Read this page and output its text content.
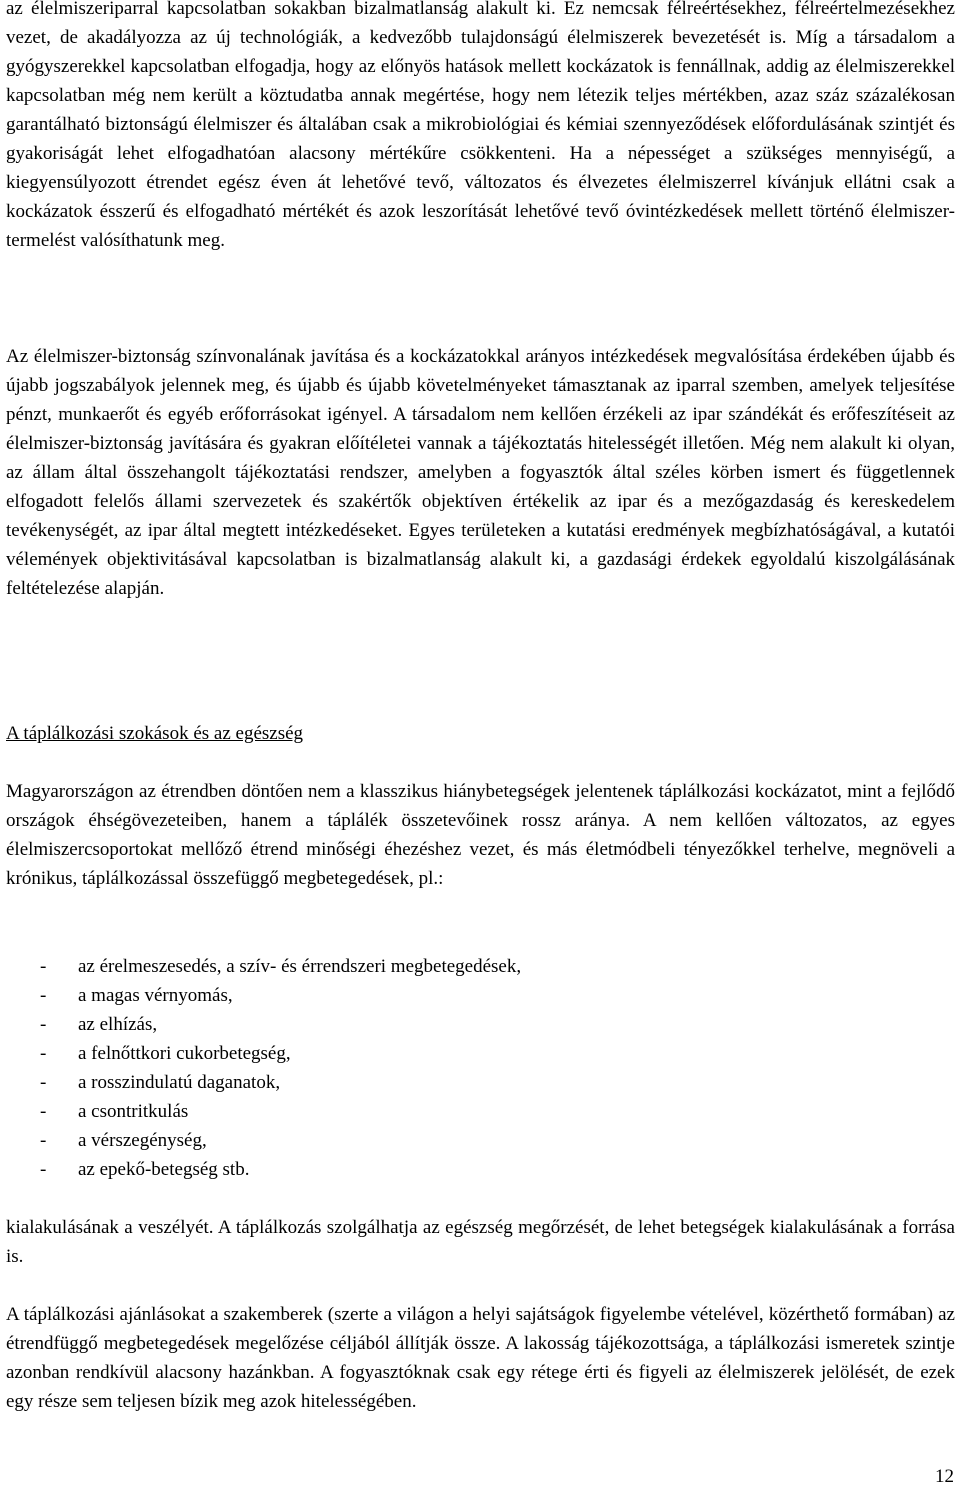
az élelmiszeriparral kapcsolatban sokakban bizalmatlanság alakult ki. Ez nemcsak félreértésekhez, félreértelmezésekhez vezet, de akadályozza az új technológiák, a kedvezőbb tulajdonságú élelmiszerek bevezetését is. Míg a társadalom a gyógyszerekkel kapcsolatban elfogadja, hogy az előnyös hatások mellett kockázatok is fennállnak, addig az élelmiszerekkel kapcsolatban még nem került a köztudatba annak megértése, hogy nem létezik teljes mértékben, azaz száz százalékosan garantálható biztonságú élelmiszer és általában csak a mikrobiológiai és kémiai szennyeződések előfordulásának szintjét és gyakoriságát lehet elfogadhatóan alacsony mértékűre csökkenteni. Ha a népességet a szükséges mennyiségű, a kiegyensúlyozott étrendet egész éven át lehetővé tevő, változatos és élvezetes élelmiszerrel kívánjuk ellátni csak a kockázatok ésszerű és elfogadható mértékét és azok leszorítását lehetővé tevő óvintézkedések mellett történő élelmiszer-termelést valósíthatunk meg.

Az élelmiszer-biztonság színvonalának javítása és a kockázatokkal arányos intézkedések megvalósítása érdekében újabb és újabb jogszabályok jelennek meg, és újabb és újabb követelményeket támasztanak az iparral szemben, amelyek teljesítése pénzt, munkaerőt és egyéb erőforrásokat igényel. A társadalom nem kellően érzékeli az ipar szándékát és erőfeszítéseit az élelmiszer-biztonság javítására és gyakran előítéletei vannak a tájékoztatás hitelességét illetően. Még nem alakult ki olyan, az állam által összehangolt tájékoztatási rendszer, amelyben a fogyasztók által széles körben ismert és függetlennek elfogadott felelős állami szervezetek és szakértők objektíven értékelik az ipar és a mezőgazdaság és kereskedelem tevékenységét, az ipar által megtett intézkedéseket. Egyes területeken a kutatási eredmények megbízhatóságával, a kutatói vélemények objektivitásával kapcsolatban is bizalmatlanság alakult ki, a gazdasági érdekek egyoldalú kiszolgálásának feltételezése alapján.

A táplálkozási szokások és az egészség

Magyarországon az étrendben döntően nem a klasszikus hiánybetegségek jelentenek táplálkozási kockázatot, mint a fejlődő országok éhségövezeteiben, hanem a táplálék összetevőinek rossz aránya. A nem kellően változatos, az egyes élelmiszercsoportokat mellőző étrend minőségi éhezéshez vezet, és más életmódbeli tényezőkkel terhelve, megnöveli a krónikus, táplálkozással összefüggő megbetegedések, pl.:

- az érelmeszesedés, a szív- és érrendszeri megbetegedések,
- a magas vérnyomás,
- az elhízás,
- a felnőttkori cukorbetegség,
- a rosszindulatú daganatok,
- a csontritkulás
- a vérszegénység,
- az epekő-betegség stb.

kialakulásának a veszélyét. A táplálkozás szolgálhatja az egészség megőrzését, de lehet betegségek kialakulásának a forrása is.

A táplálkozási ajánlásokat a szakemberek (szerte a világon a helyi sajátságok figyelembe vételével, közérthető formában) az étrendfüggő megbetegedések megelőzése céljából állítják össze. A lakosság tájékozottsága, a táplálkozási ismeretek szintje azonban rendkívül alacsony hazánkban. A fogyasztóknak csak egy rétege érti és figyeli az élelmiszerek jelölését, de ezek egy része sem teljesen bízik meg azok hitelességében.

12
